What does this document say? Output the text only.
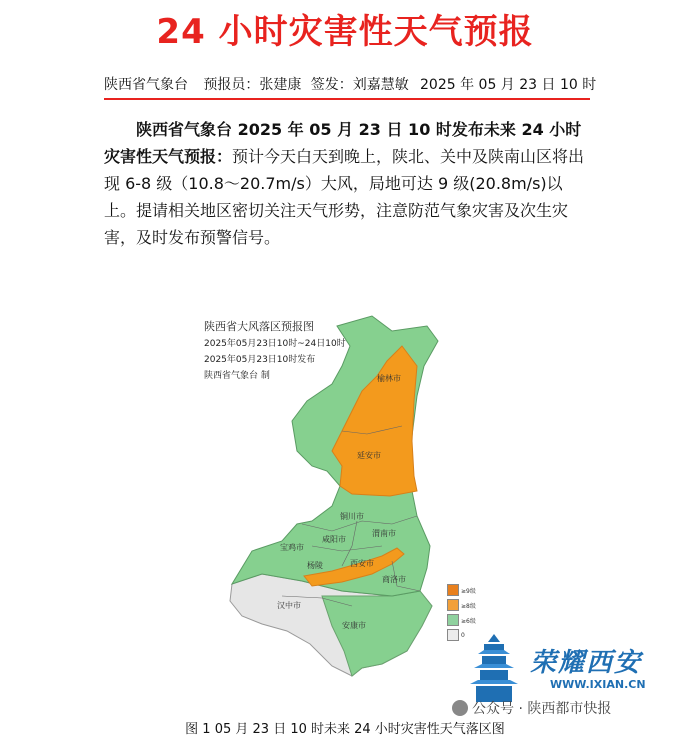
24 小时灾害性天气预报
陕西省气象台	预报员：张建康 签发：刘嘉慧敏 2025 年 05 月 23 日 10 时
陕西省气象台 2025 年 05 月 23 日 10 时发布未来 24 小时灾害性天气预报：预计今天白天到晚上，陕北、关中及陕南山区将出现 6-8 级（10.8～20.7m/s）大风，局地可达 9 级(20.8m/s)以上。提请相关地区密切关注天气形势，注意防范气象灾害及次生灾害，及时发布预警信号。
榆林市
延安市
铜川市
咸阳市
渭南市
宝鸡市
杨陵	西安市
商洛市
汉中市
安康市
陕西省大风落区预报图
2025年05月23日10时~24日10时
2025年05月23日10时发布
陕西省气象台 制
≥9级
≥8级
≥6级
0
荣耀西安
WWW.IXIAN.CN
公众号 · 陕西都市快报
图 1 05 月 23 日 10 时未来 24 小时灾害性天气落区图
